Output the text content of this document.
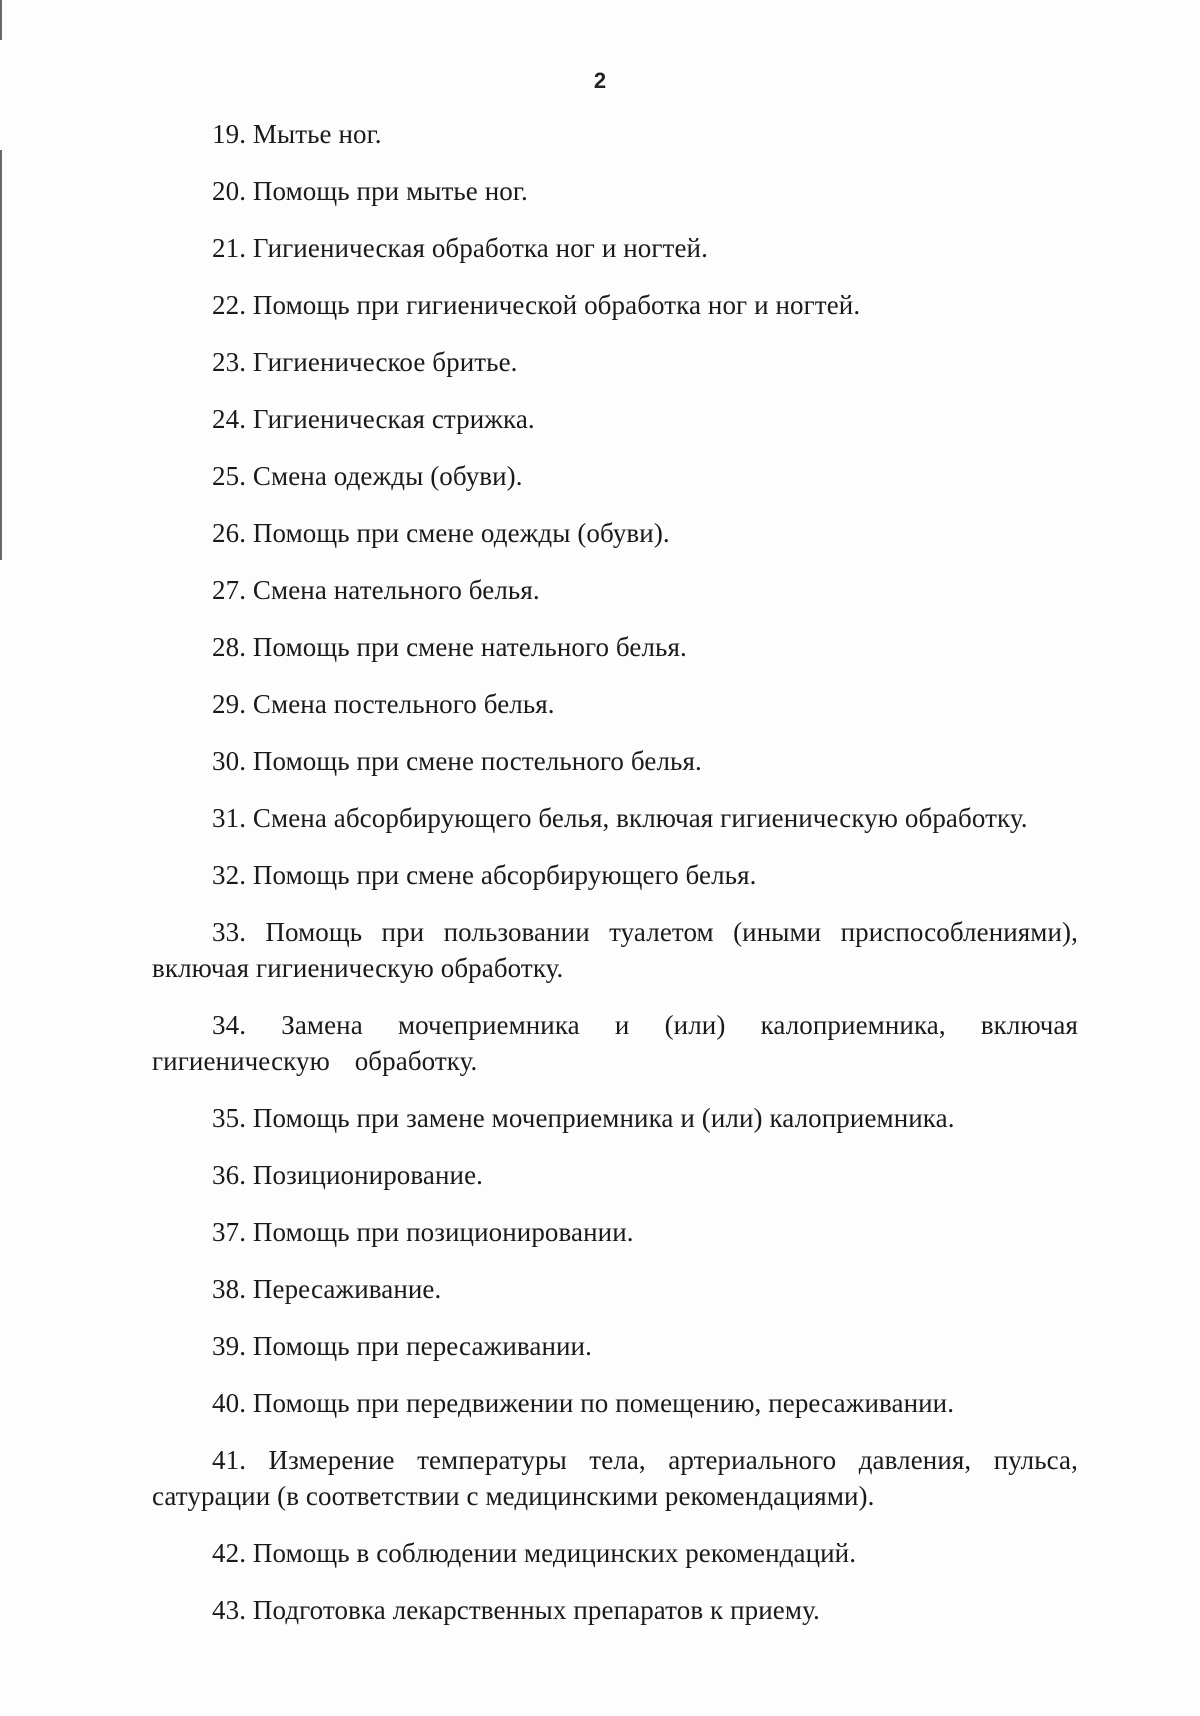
2

19. Мытье ног.

20. Помощь при мытье ног.

21. Гигиеническая обработка ног и ногтей.

22. Помощь при гигиенической обработка ног и ногтей.

23. Гигиеническое бритье.

24. Гигиеническая стрижка.

25. Смена одежды (обуви).

26. Помощь при смене одежды (обуви).

27. Смена нательного белья.

28. Помощь при смене нательного белья.

29. Смена постельного белья.

30. Помощь при смене постельного белья.

31. Смена абсорбирующего белья, включая гигиеническую обработку.

32. Помощь при смене абсорбирующего белья.

33. Помощь при пользовании туалетом (иными приспособлениями), включая гигиеническую обработку.

34. Замена мочеприемника и (или) калоприемника, включая гигиеническую обработку.

35. Помощь при замене мочеприемника и (или) калоприемника.

36. Позиционирование.

37. Помощь при позиционировании.

38. Пересаживание.

39. Помощь при пересаживании.

40. Помощь при передвижении по помещению, пересаживании.

41. Измерение температуры тела, артериального давления, пульса, сатурации (в соответствии с медицинскими рекомендациями).

42. Помощь в соблюдении медицинских рекомендаций.

43. Подготовка лекарственных препаратов к приему.
